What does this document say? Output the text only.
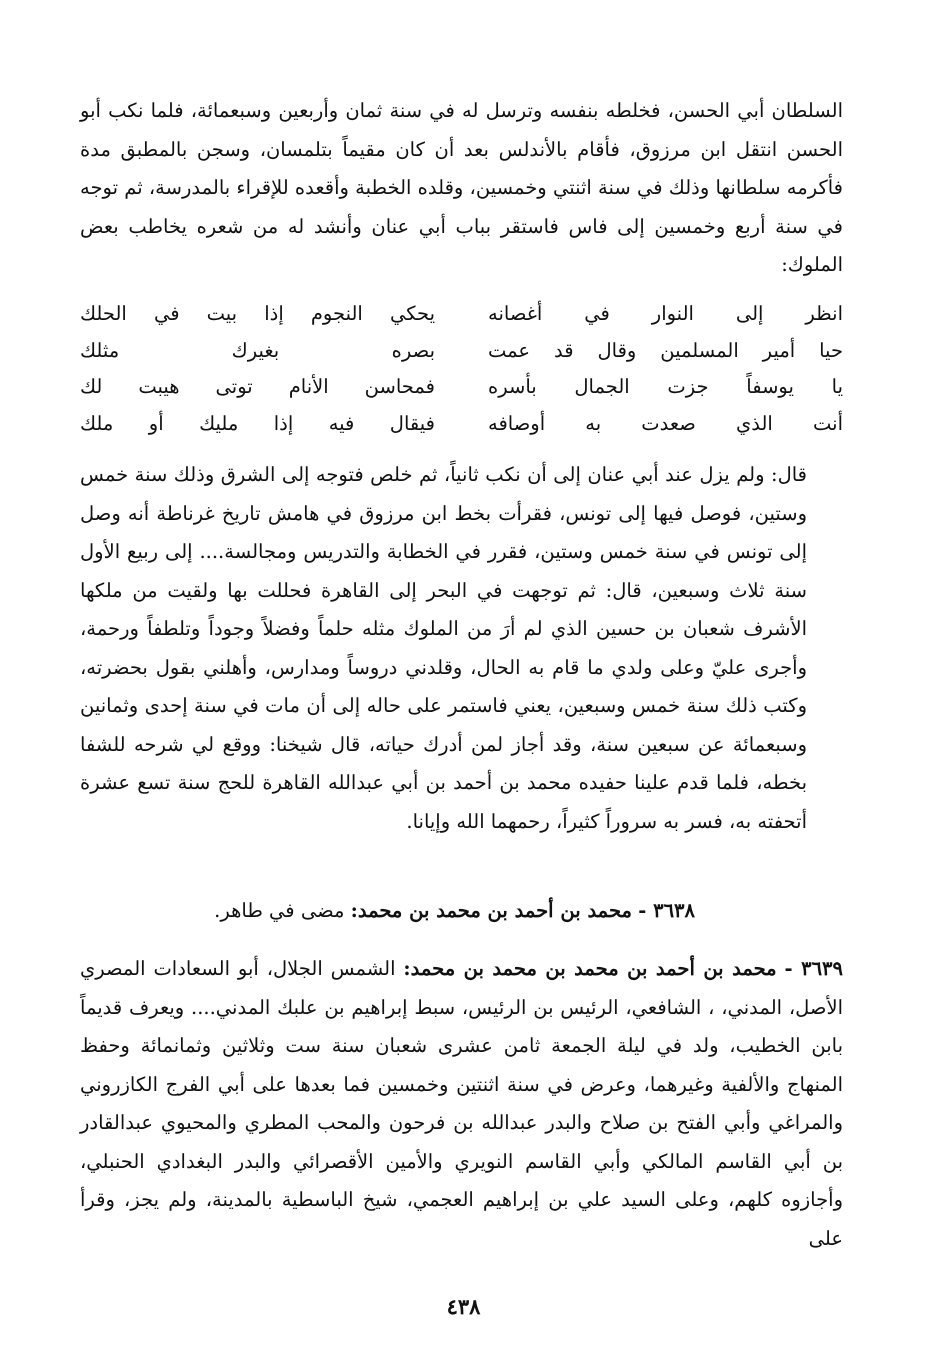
السلطان أبي الحسن، فخلطه بنفسه وترسل له في سنة ثمان وأربعين وسبعمائة، فلما نكب أبو الحسن انتقل ابن مرزوق، فأقام بالأندلس بعد أن كان مقيماً بتلمسان، وسجن بالمطبق مدة فأكرمه سلطانها وذلك في سنة اثنتي وخمسين، وقلده الخطبة وأقعده للإقراء بالمدرسة، ثم توجه في سنة أربع وخمسين إلى فاس فاستقر بباب أبي عنان وأنشد له من شعره يخاطب بعض الملوك:

انظر إلى النوار في أغصانه
يحكي النجوم إذا بيت في الحلك
حيا أمير المسلمين وقال قد عمت
بصره بغيرك مثلك
يا يوسفاً جزت الجمال بأسره
فمحاسن الأنام توتى هيبت لك
أنت الذي صعدت به أوصافه
فيقال فيه إذا مليك أو ملك

قال: ولم يزل عند أبي عنان إلى أن نكب ثانياً، ثم خلص فتوجه إلى الشرق وذلك سنة خمس وستين، فوصل فيها إلى تونس، فقرأت بخط ابن مرزوق في هامش تاريخ غرناطة أنه وصل إلى تونس في سنة خمس وستين، فقرر في الخطابة والتدريس ومجالسة.... إلى ربيع الأول سنة ثلاث وسبعين، قال: ثم توجهت في البحر إلى القاهرة فحللت بها ولقيت من ملكها الأشرف شعبان بن حسين الذي لم أرَ من الملوك مثله حلماً وفضلاً وجوداً وتلطفاً ورحمة، وأجرى عليّ وعلى ولدي ما قام به الحال، وقلدني دروساً ومدارس، وأهلني بقول بحضرته، وكتب ذلك سنة خمس وسبعين، يعني فاستمر على حاله إلى أن مات في سنة إحدى وثمانين وسبعمائة عن سبعين سنة، وقد أجاز لمن أدرك حياته، قال شيخنا: ووقع لي شرحه للشفا بخطه، فلما قدم علينا حفيده محمد بن أحمد بن أبي عبدالله القاهرة للحج سنة تسع عشرة أتحفته به، فسر به سروراً كثيراً، رحمهما الله وإيانا.

٣٦٣٨ - محمد بن أحمد بن محمد بن محمد: مضى في طاهر.

٣٦٣٩ - محمد بن أحمد بن محمد بن محمد بن محمد: الشمس الجلال، أبو السعادات المصري الأصل، المدني، ، الشافعي، الرئيس بن الرئيس، سبط إبراهيم بن علبك المدني.... ويعرف قديماً بابن الخطيب، ولد في ليلة الجمعة ثامن عشرى شعبان سنة ست وثلاثين وثمانمائة وحفظ المنهاج والألفية وغيرهما، وعرض في سنة اثنتين وخمسين فما بعدها على أبي الفرج الكازروني والمراغي وأبي الفتح بن صلاح والبدر عبدالله بن فرحون والمحب المطري والمحيوي عبدالقادر بن أبي القاسم المالكي وأبي القاسم النويري والأمين الأقصرائي والبدر البغدادي الحنبلي، وأجازوه كلهم، وعلى السيد علي بن إبراهيم العجمي، شيخ الباسطية بالمدينة، ولم يجز، وقرأ على

٤٣٨
